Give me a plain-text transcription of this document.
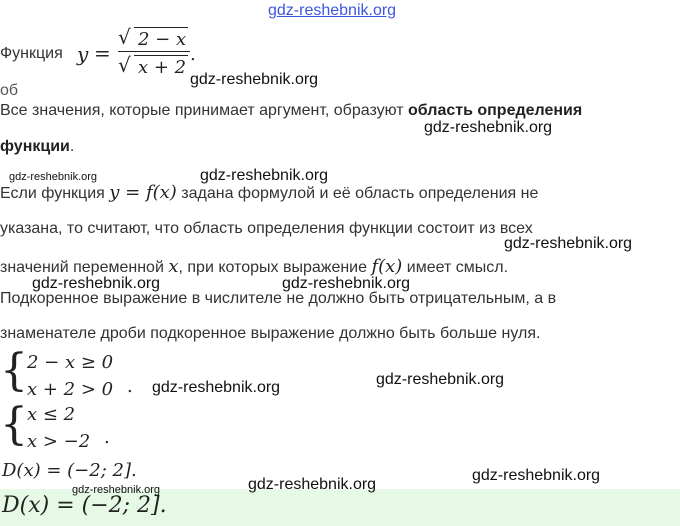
gdz-reshebnik.org
Функция y =
√ 2 − x
√ x + 2
.
об
gdz-reshebnik.org
Все значения, которые принимает аргумент, образуют область определения
gdz-reshebnik.org
функции.
gdz-reshebnik.org	gdz-reshebnik.org
Если функция y = f(x) задана формулой и её область определения не
указана, то считают, что область определения функции состоит из всех
gdz-reshebnik.org
значений переменной x, при которых выражение f(x) имеет смысл.
gdz-reshebnik.org	gdz-reshebnik.org
Подкоренное выражение в числителе не должно быть отрицательным, а в
знаменателе дроби подкоренное выражение должно быть больше нуля.
{ 2 − x ≥ 0
x + 2 > 0 . gdz-reshebnik.org	gdz-reshebnik.org
{ x ≤ 2
x > −2 .
D(x) = (−2; 2].	gdz-reshebnik.org
D(x) = (−2; 2].
gdz-reshebnik.org	gdz-reshebnik.org
